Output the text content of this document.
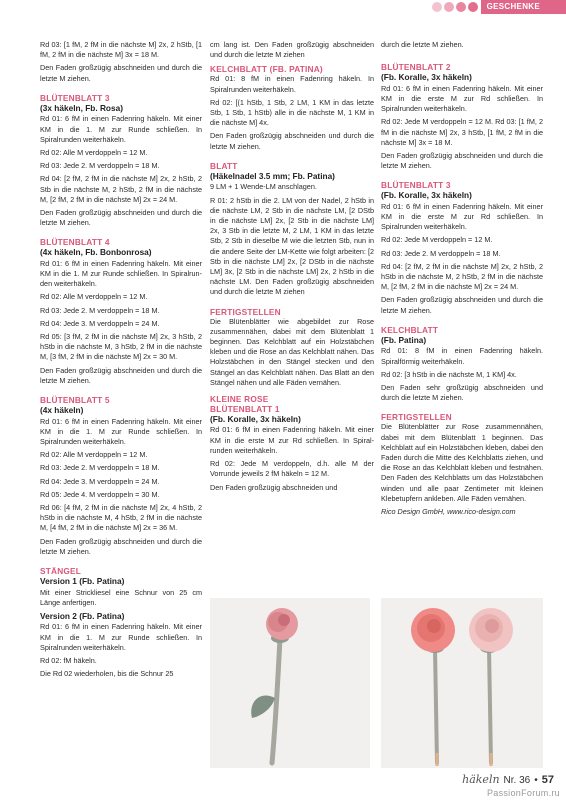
GESCHENKE

Rd 03: [1 fM, 2 fM in die nächste M] 2x, 2 hStb, [1 fM, 2 fM in die nächste M] 3x = 18 M.

Den Faden großzügig abschneiden und durch die letzte M ziehen.

BLÜTENBLATT 3
(3x häkeln, Fb. Rosa)

Rd 01: 6 fM in einen Fadenring häkeln. Mit einer KM in die 1. M zur Runde schließen. In Spiralrunden weiterhäkeln.

Rd 02: Alle M verdoppeln = 12 M.

Rd 03: Jede 2. M verdoppeln = 18 M.

Rd 04: [2 fM, 2 fM in die nächste M] 2x, 2 hStb, 2 Stb in die nächste M, 2 hStb, 2 fM in die nächste M, [2 fM, 2 fM in die nächste M] 2x = 24 M.

Den Faden großzügig abschneiden und durch die letzte M ziehen.

BLÜTENBLATT 4
(4x häkeln, Fb. Bonbonrosa)

Rd 01: 6 fM in einen Fadenring häkeln. Mit einer KM in die 1. M zur Runde schließen. In Spiralrun-den weiterhäkeln.

Rd 02: Alle M verdoppeln = 12 M.

Rd 03: Jede 2. M verdoppeln = 18 M.

Rd 04: Jede 3. M verdoppeln = 24 M.

Rd 05: [3 fM, 2 fM in die nächste M] 2x, 3 hStb, 2 hStb in die nächste M, 3 hStb, 2 fM in die nächste M, [3 fM, 2 fM in die nächste M] 2x = 30 M.

Den Faden großzügig abschneiden und durch die letzte M ziehen.

BLÜTENBLATT 5
(4x häkeln)

Rd 01: 6 fM in einen Fadenring häkeln. Mit einer KM in die 1. M zur Runde schließen. In Spiralrunden weiterhäkeln.

Rd 02: Alle M verdoppeln = 12 M.

Rd 03: Jede 2. M verdoppeln = 18 M.

Rd 04: Jede 3. M verdoppeln = 24 M.

Rd 05: Jede 4. M verdoppeln = 30 M.

Rd 06: [4 fM, 2 fM in die nächste M] 2x, 4 hStb, 2 hStb in die nächste M, 4 hStb, 2 fM in die nächste M, [4 fM, 2 fM in die nächste M] 2x = 36 M.

Den Faden großzügig abschneiden und durch die letzte M ziehen.

STÄNGEL
Version 1 (Fb. Patina)

Mit einer Strickliesel eine Schnur von 25 cm Länge anfertigen.

Version 2 (Fb. Patina)

Rd 01: 6 fM in einen Fadenring häkeln. Mit einer KM in die 1. M zur Runde schließen. In Spiralrunden weiterhäkeln.

Rd 02: fM häkeln.

Die Rd 02 wiederholen, bis die Schnur 25

cm lang ist. Den Faden großzügig abschneiden und durch die letzte M ziehen

KELCHBLATT (FB. PATINA)

Rd 01: 8 fM in einen Fadenring häkeln. In Spiralrunden weiterhäkeln.

Rd 02: [(1 hStb, 1 Stb, 2 LM, 1 KM in das letzte Stb, 1 Stb, 1 hStb) alle in die nächste M, 1 KM in die nächste M] 4x.

Den Faden großzügig abschneiden und durch die letzte M ziehen.

BLATT
(Häkelnadel 3.5 mm; Fb. Patina)

9 LM + 1 Wende-LM anschlagen.

R 01: 2 hStb in die 2. LM von der Nadel, 2 hStb in die nächste LM, 2 Stb in die nächste LM, [2 DStb in die nächste LM] 2x, [2 Stb in die nächste LM] 2x, 3 Stb in die letzte M, 2 LM, 1 KM in das letzte Stb, 2 Stb in dieselbe M wie die letzten Stb, nun in die andere Seite der LM-Kette wie folgt arbeiten: [2 Stb in die nächste LM] 2x, [2 DStb in die nächste LM] 3x, [2 Stb in die nächste LM] 2x, 2 hStb in die nächste LM. Den Faden großzügig abschneiden und durch die letzte M ziehen

FERTIGSTELLEN

Die Blütenblätter wie abgebildet zur Rose zusammennähen, dabei mit dem Blütenblatt 1 beginnen. Das Kelchblatt auf ein Holzstäbchen kleben und die Rose an das Kelchblatt nähen. Das Holzstäbchen in den Stängel stecken und den Stängel an das Kelchblatt nähen. Das Blatt an den Stängel nähen und alle Fäden vernähen.

KLEINE ROSE
BLÜTENBLATT 1
(Fb. Koralle, 3x häkeln)

Rd 01: 6 fM in einen Fadenring häkeln. Mit einer KM in die erste M zur Rd schließen. In Spiral-runden weiterhäkeln.

Rd 02: Jede M verdoppeln, d.h. alle M der Vorrunde jeweils 2 fM häkeln = 12 M.

Den Faden großzügig abschneiden und

durch die letzte M ziehen.

BLÜTENBLATT 2
(Fb. Koralle, 3x häkeln)

Rd 01: 6 fM in einen Fadenring häkeln. Mit einer KM in die erste M zur Rd schließen. In Spiralrunden weiterhäkeln.

Rd 02: Jede M verdoppeln = 12 M. Rd 03: [1 fM, 2 fM in die nächste M] 2x, 3 hStb, [1 fM, 2 fM in die nächste M] 3x = 18 M.

Den Faden großzügig abschneiden und durch die letzte M ziehen.

BLÜTENBLATT 3
(Fb. Koralle, 3x häkeln)

Rd 01: 6 fM in einen Fadenring häkeln. Mit einer KM in die erste M zur Rd schließen. In Spiralrunden weiterhäkeln.

Rd 02: Jede M verdoppeln = 12 M.

Rd 03: Jede 2. M verdoppeln = 18 M.

Rd 04: [2 fM, 2 fM in die nächste M] 2x, 2 hStb, 2 hStb in die nächste M, 2 hStb, 2 fM in die nächste M, [2 fM, 2 fM in die nächste M] 2x = 24 M.

Den Faden großzügig abschneiden und durch die letzte M ziehen.

KELCHBLATT
(Fb. Patina)

Rd 01: 8 fM in einen Fadenring häkeln. Spiralförmig weiterhäkeln.

Rd 02: [3 hStb in die nächste M, 1 KM] 4x.

Den Faden sehr großzügig abschneiden und durch die letzte M ziehen.

FERTIGSTELLEN

Die Blütenblätter zur Rose zusammennähen, dabei mit dem Blütenblatt 1 beginnen. Das Kelchblatt auf ein Holzstäbchen kleben, dabei den Faden durch die Mitte des Kelchblatts ziehen, und die Rose an das Kelchblatt kleben und festnähen. Den Faden des Kelchblatts um das Holzstäbchen winden und alle paar Zentimeter mit kleinen Klebetupfern ankleben. Alle Fäden vernähen.

Rico Design GmbH, www.rico-design.com

häkeln Nr. 36 • 57
PassionForum.ru
